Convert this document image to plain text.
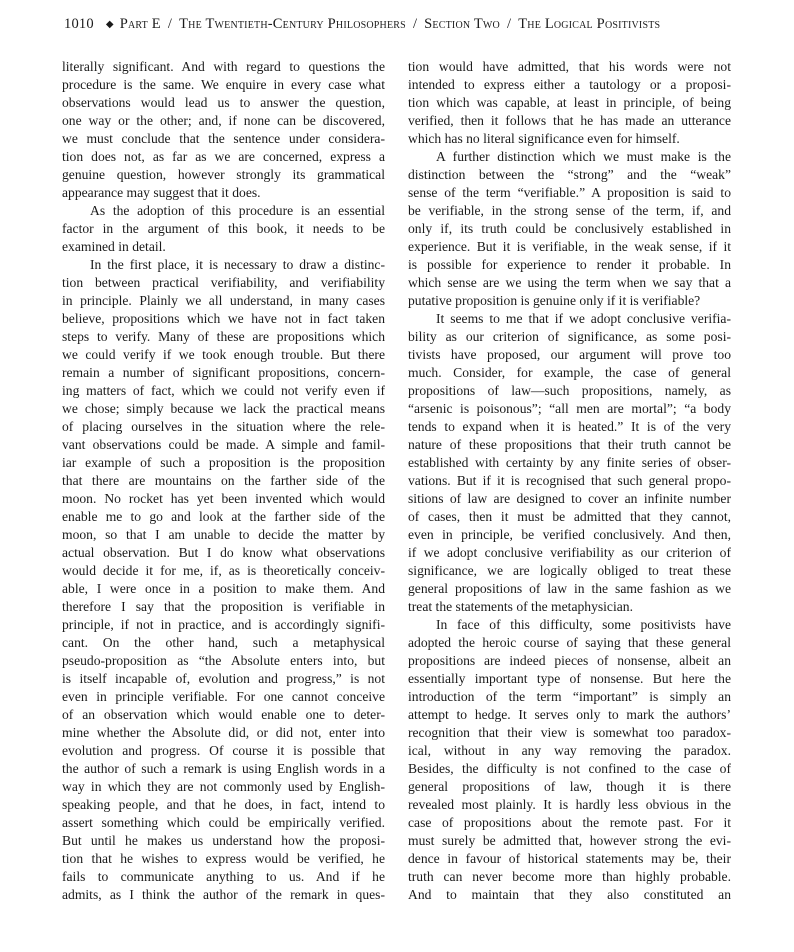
1010 ◆ Part E / The Twentieth-Century Philosophers / Section Two / The Logical Positivists
literally significant. And with regard to questions the
procedure is the same. We enquire in every case what
observations would lead us to answer the question,
one way or the other; and, if none can be discovered,
we must conclude that the sentence under considera-
tion does not, as far as we are concerned, express a
genuine question, however strongly its grammatical
appearance may suggest that it does.
As the adoption of this procedure is an essential
factor in the argument of this book, it needs to be
examined in detail.
In the first place, it is necessary to draw a distinc-
tion between practical verifiability, and verifiability
in principle. Plainly we all understand, in many cases
believe, propositions which we have not in fact taken
steps to verify. Many of these are propositions which
we could verify if we took enough trouble. But there
remain a number of significant propositions, concern-
ing matters of fact, which we could not verify even if
we chose; simply because we lack the practical means
of placing ourselves in the situation where the rele-
vant observations could be made. A simple and famil-
iar example of such a proposition is the proposition
that there are mountains on the farther side of the
moon. No rocket has yet been invented which would
enable me to go and look at the farther side of the
moon, so that I am unable to decide the matter by
actual observation. But I do know what observations
would decide it for me, if, as is theoretically conceiv-
able, I were once in a position to make them. And
therefore I say that the proposition is verifiable in
principle, if not in practice, and is accordingly signifi-
cant. On the other hand, such a metaphysical
pseudo-proposition as “the Absolute enters into, but
is itself incapable of, evolution and progress,” is not
even in principle verifiable. For one cannot conceive
of an observation which would enable one to deter-
mine whether the Absolute did, or did not, enter into
evolution and progress. Of course it is possible that
the author of such a remark is using English words in a
way in which they are not commonly used by English-
speaking people, and that he does, in fact, intend to
assert something which could be empirically verified.
But until he makes us understand how the proposi-
tion that he wishes to express would be verified, he
fails to communicate anything to us. And if he
admits, as I think the author of the remark in ques-
tion would have admitted, that his words were not
intended to express either a tautology or a proposi-
tion which was capable, at least in principle, of being
verified, then it follows that he has made an utterance
which has no literal significance even for himself.
A further distinction which we must make is the
distinction between the “strong” and the “weak”
sense of the term “verifiable.” A proposition is said to
be verifiable, in the strong sense of the term, if, and
only if, its truth could be conclusively established in
experience. But it is verifiable, in the weak sense, if it
is possible for experience to render it probable. In
which sense are we using the term when we say that a
putative proposition is genuine only if it is verifiable?
It seems to me that if we adopt conclusive verifia-
bility as our criterion of significance, as some posi-
tivists have proposed, our argument will prove too
much. Consider, for example, the case of general
propositions of law—such propositions, namely, as
“arsenic is poisonous”; “all men are mortal”; “a body
tends to expand when it is heated.” It is of the very
nature of these propositions that their truth cannot be
established with certainty by any finite series of obser-
vations. But if it is recognised that such general propo-
sitions of law are designed to cover an infinite number
of cases, then it must be admitted that they cannot,
even in principle, be verified conclusively. And then,
if we adopt conclusive verifiability as our criterion of
significance, we are logically obliged to treat these
general propositions of law in the same fashion as we
treat the statements of the metaphysician.
In face of this difficulty, some positivists have
adopted the heroic course of saying that these general
propositions are indeed pieces of nonsense, albeit an
essentially important type of nonsense. But here the
introduction of the term “important” is simply an
attempt to hedge. It serves only to mark the authors’
recognition that their view is somewhat too paradox-
ical, without in any way removing the paradox.
Besides, the difficulty is not confined to the case of
general propositions of law, though it is there
revealed most plainly. It is hardly less obvious in the
case of propositions about the remote past. For it
must surely be admitted that, however strong the evi-
dence in favour of historical statements may be, their
truth can never become more than highly probable.
And to maintain that they also constituted an
